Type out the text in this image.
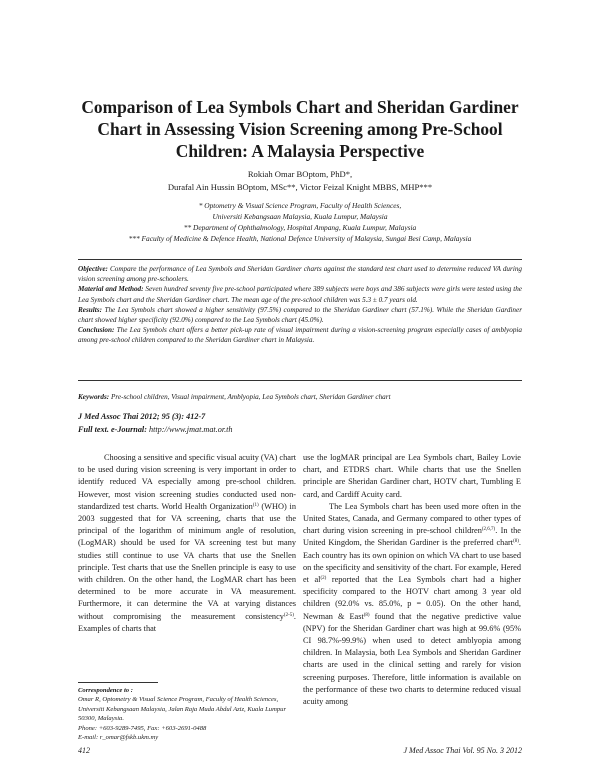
Comparison of Lea Symbols Chart and Sheridan Gardiner Chart in Assessing Vision Screening among Pre-School Children: A Malaysia Perspective
Rokiah Omar BOptom, PhD*,
Durafal Ain Hussin BOptom, MSc**, Victor Feizal Knight MBBS, MHP***
* Optometry & Visual Science Program, Faculty of Health Sciences,
Universiti Kebangsaan Malaysia, Kuala Lumpur, Malaysia
** Department of Ophthalmology, Hospital Ampang, Kuala Lumpur, Malaysia
*** Faculty of Medicine & Defence Health, National Defence University of Malaysia, Sungai Besi Camp, Malaysia

Objective: Compare the performance of Lea Symbols and Sheridan Gardiner charts against the standard test chart used to determine reduced VA during vision screening among pre-schoolers.

Material and Method: Seven hundred seventy five pre-school participated where 389 subjects were boys and 386 subjects were girls were tested using the Lea Symbols chart and the Sheridan Gardiner chart. The mean age of the pre-school children was 5.3 ± 0.7 years old.

Results: The Lea Symbols chart showed a higher sensitivity (97.5%) compared to the Sheridan Gardiner chart (57.1%). While the Sheridan Gardiner chart showed higher specificity (92.0%) compared to the Lea Symbols chart (45.0%).

Conclusion: The Lea Symbols chart offers a better pick-up rate of visual impairment during a vision-screening program especially cases of amblyopia among pre-school children compared to the Sheridan Gardiner chart in Malaysia.

Keywords: Pre-school children, Visual impairment, Amblyopia, Lea Symbols chart, Sheridan Gardiner chart
J Med Assoc Thai 2012; 95 (3): 412-7
Full text. e-Journal: http://www.jmat.mat.or.th

Choosing a sensitive and specific visual acuity (VA) chart to be used during vision screening is very important in order to identify reduced VA especially among pre-school children. However, most vision screening studies conducted used non-standardized test charts. World Health Organization$^{(1)}$ (WHO) in 2003 suggested that for VA screening, charts that use the principal of the logarithm of minimum angle of resolution, (LogMAR) should be used for VA screening test but many studies still continue to use VA charts that use the Snellen principle. Test charts that use the Snellen principle is easy to use with children. On the other hand, the LogMAR chart has been determined to be more accurate in VA measurement. Furthermore, it can determine the VA at varying distances without compromising the measurement consistency$^{(2-5)}$. Examples of charts that

use the logMAR principal are Lea Symbols chart, Bailey Lovie chart, and ETDRS chart. While charts that use the Snellen principle are Sheridan Gardiner chart, HOTV chart, Tumbling E card, and Cardiff Acuity card.

The Lea Symbols chart has been used more often in the United States, Canada, and Germany compared to other types of chart during vision screening in pre-school children$^{(2,6,7)}$. In the United Kingdom, the Sheridan Gardiner is the preferred chart$^{(8)}$. Each country has its own opinion on which VA chart to use based on the specificity and sensitivity of the chart. For example, Hered et $al^{(2)}$ reported that the Lea Symbols chart had a higher specificity compared to the HOTV chart among 3 year old children (92.0% vs. 85.0%, p = 0.05). On the other hand, Newman & East$^{(8)}$ found that the negative predictive value (NPV) for the Sheridan Gardiner chart was high at 99.6% (95% CI 98.7%-99.9%) when used to detect amblyopia among children. In Malaysia, both Lea Symbols and Sheridan Gardiner charts are used in the clinical setting and rarely for vision screening purposes. Therefore, little information is available on the performance of these two charts to determine reduced visual acuity among

Correspondence to :
Omar R, Optometry & Visual Science Program, Faculty of Health Sciences, Universiti Kebangsaan Malaysia, Jalan Raja Muda Abdul Aziz, Kuala Lumpur 50300, Malaysia.
Phone: +603-9289-7495, Fax: +603-2691-0488
E-mail: r_omar@fskb.ukm.my
412	J Med Assoc Thai Vol. 95 No. 3 2012
